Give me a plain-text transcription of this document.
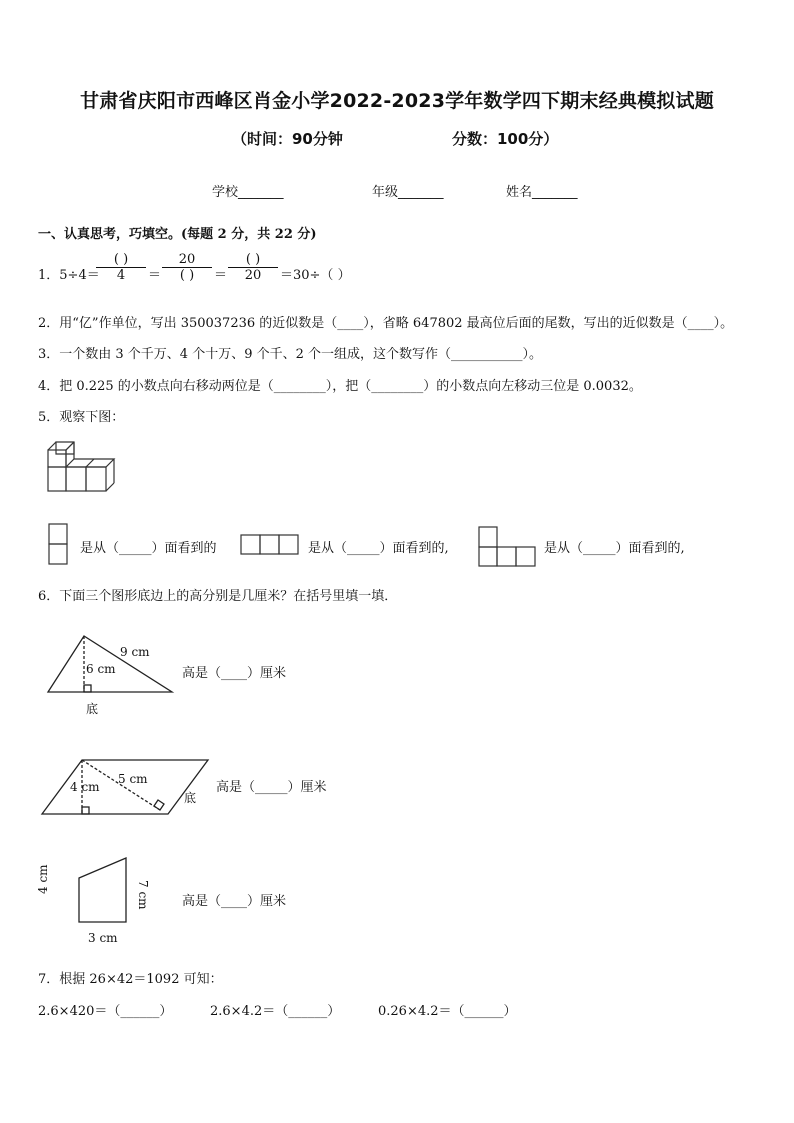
甘肃省庆阳市西峰区肖金小学2022-2023学年数学四下期末经典模拟试题
（时间：90分钟	分数：100分）
学校_______	年级_______	姓名_______
一、认真思考，巧填空。(每题 2 分，共 22 分)
1．5÷4＝
( )
4	＝
20
( )	＝
( )
20	＝30÷（ ）
2．用“亿”作单位，写出 350037236 的近似数是（____），省略 647802 最高位后面的尾数，写出的近似数是（____）。
3．一个数由 3 个千万、4 个十万、9 个千、2 个一组成，这个数写作（___________）。
4．把 0.225 的小数点向右移动两位是（________），把（________）的小数点向左移动三位是 0.0032。
5．观察下图：
是从（_____）面看到的	是从（_____）面看到的,	是从（_____）面看到的,
6．下面三个图形底边上的高分别是几厘米？在括号里填一填．
9 cm
6 cm
底
高是（____）厘米
4 cm
5 cm
底
高是（_____）厘米
4 cm
7 cm
3 cm
高是（____）厘米
7．根据 26×42＝1092 可知：
2.6×420＝（______）	2.6×4.2＝（______）	0.26×4.2＝（______）
